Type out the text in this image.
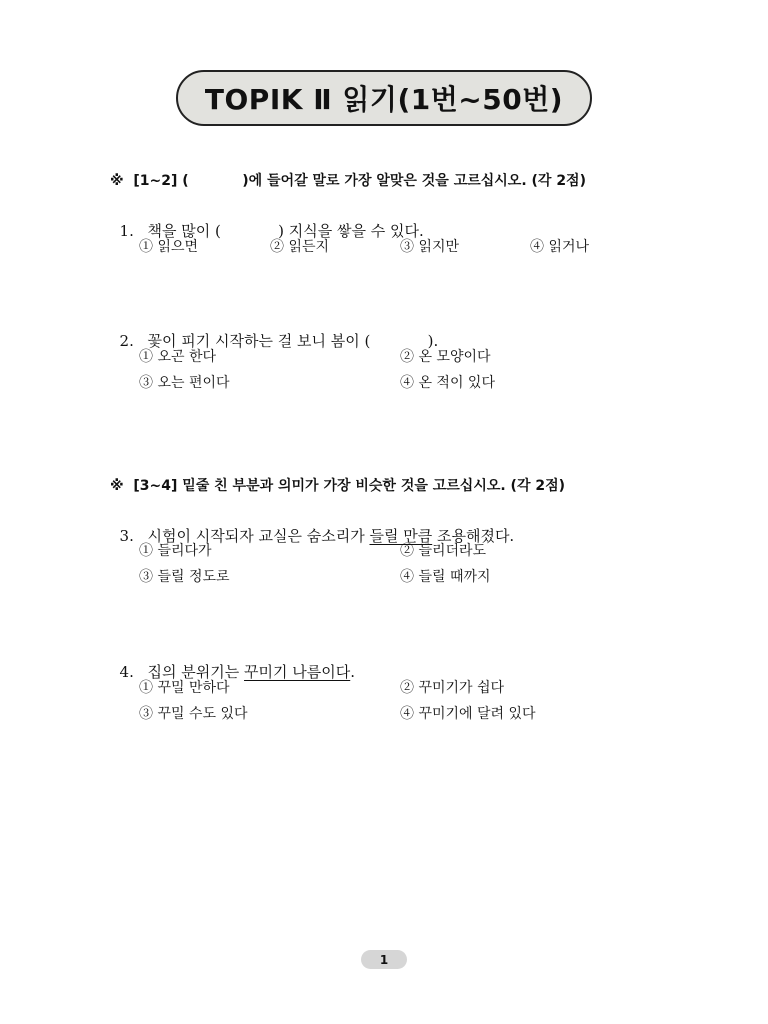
TOPIK Ⅱ 읽기(1번~50번)
※  [1~2] (           )에 들어갈 말로 가장 알맞은 것을 고르십시오. (각 2점)

1. 책을 많이 (            ) 지식을 쌓을 수 있다.

① 읽으면	② 읽든지	③ 읽지만	④ 읽거나

2. 꽃이 피기 시작하는 걸 보니 봄이 (            ).

① 오곤 한다	② 온 모양이다
③ 오는 편이다	④ 온 적이 있다
※  [3~4] 밑줄 친 부분과 의미가 가장 비슷한 것을 고르십시오. (각 2점)

3. 시험이 시작되자 교실은 숨소리가 들릴 만큼 조용해졌다.

① 들리다가	② 들리더라도
③ 들릴 정도로	④ 들릴 때까지

4. 집의 분위기는 꾸미기 나름이다.

① 꾸밀 만하다	② 꾸미기가 쉽다
③ 꾸밀 수도 있다	④ 꾸미기에 달려 있다
1
